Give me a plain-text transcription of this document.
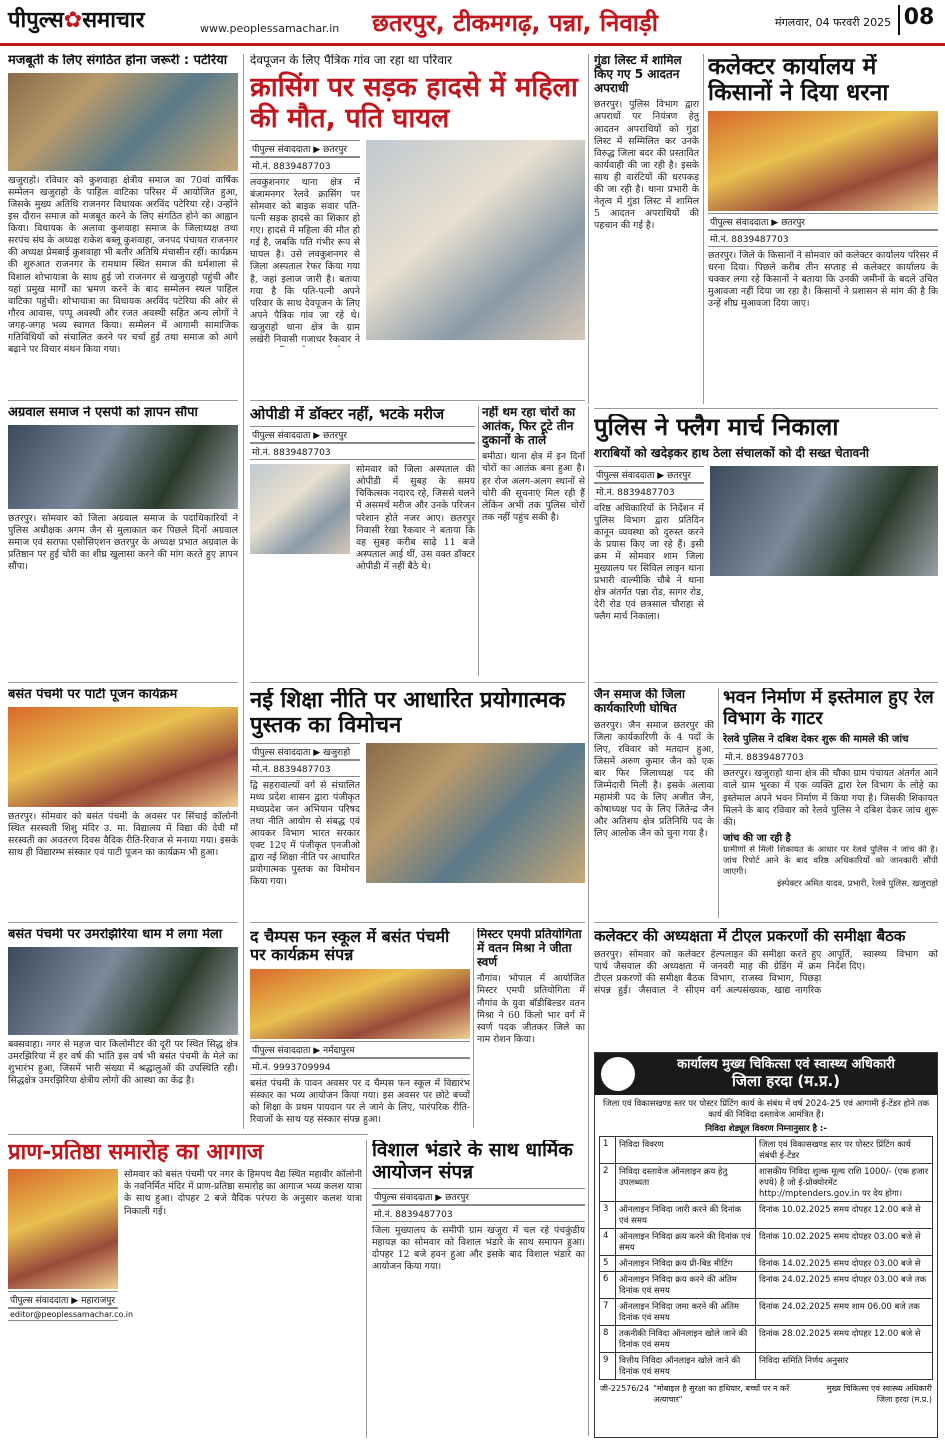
पीपुल्स✿समाचार	www.peoplessamachar.in	छतरपुर, टीकमगढ़, पन्ना, निवाड़ी	मंगलवार, 04 फरवरी 2025 08
मजबूती के लिए संगठित होना जरूरी : पटेरिया
खजुराहो। रविवार को कुशवाहा क्षेत्रीय समाज का 70वां वार्षिक सम्मेलन खजुराहो के पाहिल वाटिका परिसर में आयोजित हुआ, जिसके मुख्य अतिथि राजनगर विधायक अरविंद पटेरिया रहे। उन्होंने इस दौरान समाज को मजबूत करने के लिए संगठित होने का आह्वान किया। विधायक के अलावा कुशवाहा समाज के जिलाध्यक्ष तथा सरपंच संघ के अध्यक्ष राकेश बब्लू कुशवाहा, जनपद पंचायत राजनगर की अध्यक्ष प्रेमबाई कुशवाहा भी बतौर अतिथि मंचासीन रहीं। कार्यक्रम की शुरुआत राजनगर के रामधाम स्थित समाज की धर्मशाला से विशाल शोभायात्रा के साथ हुई जो राजनगर से खजुराहो पहुंची और यहां प्रमुख मार्गों का भ्रमण करने के बाद सम्मेलन स्थल पाहिल वाटिका पहुंची। शोभायात्रा का विधायक अरविंद पटेरिया की ओर से गौरव आवास, पप्पू अवस्थी और रजत अवस्थी सहित अन्य लोगों ने जगह-जगह भव्य स्वागत किया। सम्मेलन में आगामी सामाजिक गतिविधियों को संचालित करने पर चर्चा हुई तथा समाज को आगे बढ़ाने पर विचार मंथन किया गया।
अग्रवाल समाज ने एसपी को ज्ञापन सौंपा
छतरपुर। सोमवार को जिला अग्रवाल समाज के पदाधिकारियों ने पुलिस अधीक्षक अगम जैन से मुलाकात कर पिछले दिनों अग्रवाल समाज एवं सराफा एसोसिएशन छतरपुर के अध्यक्ष प्रभात अग्रवाल के प्रतिष्ठान पर हुई चोरी का शीघ्र खुलासा करने की मांग करते हुए ज्ञापन सौंपा।
बसंत पंचमी पर पाटी पूजन कार्यक्रम
छतरपुर। सोमवार को बसंत पंचमी के अवसर पर सिंचाई कॉलोनी स्थित सरस्वती शिशु मंदिर उ. मा. विद्यालय में विद्या की देवी माँ सरस्वती का अवतरण दिवस वैदिक रीति-रिवाज से मनाया गया। इसके साथ ही विद्यारम्भ संस्कार एवं पाटी पूजन का कार्यक्रम भी हुआ।
बसंत पंचमी पर उमरझिरिया धाम में लगा मेला
बक्सवाहा। नगर से महज चार किलोमीटर की दूरी पर स्थित सिद्ध क्षेत्र उमरझिरिया में हर वर्ष की भांति इस वर्ष भी बसंत पंचमी के मेले का शुभारंभ हुआ, जिसमें भारी संख्या में श्रद्धालुओं की उपस्थिति रही। सिद्धक्षेत्र उमरझिरिया क्षेत्रीय लोगों की आस्था का केंद्र है।
प्राण-प्रतिष्ठा समारोह का आगाज
पीपुल्स संवाददाता ▶ महाराजपुर
editor@peoplessamachar.co.in
सोमवार को बसंत पंचमी पर नगर के हिमपथ वैद्य स्थित महावीर कॉलोनी के नवनिर्मित मंदिर में प्राण-प्रतिष्ठा समारोह का आगाज भव्य कलश यात्रा के साथ हुआ। दोपहर 2 बजे वैदिक परंपरा के अनुसार कलश यात्रा निकाली गई।
देवपूजन के लिए पैत्रिक गांव जा रहा था परिवार
क्रासिंग पर सड़क हादसे में महिला की मौत, पति घायल
पीपुल्स संवाददाता ▶ छतरपुर
मो.नं. 8839487703
लवकुशनगर थाना क्षेत्र में बंजामनगर रेलवे क्रासिंग पर सोमवार को बाइक सवार पति-पत्नी सड़क हादसे का शिकार हो गए। हादसे में महिला की मौत हो गई है, जबकि पति गंभीर रूप से घायल है। उसे लवकुशनगर से जिला अस्पताल रेफर किया गया है, जहां इलाज जारी है। बताया गया है कि पति-पत्नी अपने परिवार के साथ देवपूजन के लिए अपने पैत्रिक गांव जा रहे थे। खजुराहो थाना क्षेत्र के ग्राम लखेरी निवासी गजाधर रैकवार ने
गुंडा लिस्ट में शामिल किए गए 5 आदतन अपराधी
छतरपुर। पुलिस विभाग द्वारा अपराधों पर नियंत्रण हेतु आदतन अपराधियों को गुंडा लिस्ट में सम्मिलित कर उनके विरुद्ध जिला बदर की प्रस्तावित कार्यवाही की जा रही है। इसके साथ ही वारंटियों की धरपकड़ की जा रही है। थाना प्रभारी के नेतृत्व में गुंडा लिस्ट में शामिल 5 आदतन अपराधियों की पहचान की गई है।
ओपीडी में डॉक्टर नहीं, भटके मरीज
पीपुल्स संवाददाता ▶ छतरपुर
मो.नं. 8839487703
सोमवार को जिला अस्पताल की ओपीडी में सुबह के समय चिकित्सक नदारद रहे, जिससे चलने में असमर्थ मरीज और उनके परिजन परेशान होते नजर आए। छतरपुर निवासी रेखा रैकवार ने बताया कि वह सुबह करीब साढ़े 11 बजे अस्पताल आई थीं, उस वक्त डॉक्टर ओपीडी में नहीं बैठे थे।
नहीं थम रहा चोरों का आतंक, फिर टूटे तीन दुकानों के ताले
बमीठा। थाना क्षेत्र में इन दिनों चोरों का आतंक बना हुआ है। हर रोज अलग-अलग स्थानों से चोरी की सूचनाएं मिल रही हैं लेकिन अभी तक पुलिस चोरों तक नहीं पहुंच सकी है।
नई शिक्षा नीति पर आधारित प्रयोगात्मक पुस्तक का विमोचन
पीपुल्स संवाददाता ▶ खजुराहो
मो.नं. 8839487703
द्वि सहरावाल्यों वर्ग से संचालित मध्य प्रदेश शासन द्वारा पंजीकृत मध्यप्रदेश जन अभियान परिषद तथा नीति आयोग से संबद्ध एवं आयकर विभाग भारत सरकार एक्ट 12ए में पंजीकृत एनजीओ द्वारा नई शिक्षा नीति पर आधारित प्रयोगात्मक पुस्तक का विमोचन किया गया।
द चैम्पस फन स्कूल में बसंत पंचमी पर कार्यक्रम संपन्न
पीपुल्स संवाददाता ▶ नर्मदापुरम
मो.नं. 9993709994
बसंत पंचमी के पावन अवसर पर द चैम्पस फन स्कूल में विद्यारंभ संस्कार का भव्य आयोजन किया गया। इस अवसर पर छोटे बच्चों को शिक्षा के प्रथम पायदान पर ले जाने के लिए, पारंपरिक रीति-रिवाजों के साथ यह संस्कार संपन्न हुआ।
मिस्टर एमपी प्रतियोगिता में वतन मिश्रा ने जीता स्वर्ण
नौगांव। भोपाल में आयोजित मिस्टर एमपी प्रतियोगिता में नौगांव के युवा बॉडीबिल्डर वतन मिश्रा ने 60 किलो भार वर्ग में स्वर्ण पदक जीतकर जिले का नाम रोशन किया।
विशाल भंडारे के साथ धार्मिक आयोजन संपन्न
पीपुल्स संवाददाता ▶ छतरपुर
मो.नं. 8839487703
जिला मुख्यालय के समीपी ग्राम खजुरा में चल रहे पंचकुंडीय महायज्ञ का सोमवार को विशाल भंडारे के साथ समापन हुआ। दोपहर 12 बजे हवन हुआ और इसके बाद विशाल भंडारे का आयोजन किया गया।
कलेक्टर कार्यालय में किसानों ने दिया धरना
पीपुल्स संवाददाता ▶ छतरपुर
मो.नं. 8839487703
छतरपुर। जिले के किसानों ने सोमवार को कलेक्टर कार्यालय परिसर में धरना दिया। पिछले करीब तीन सप्ताह से कलेक्टर कार्यालय के चक्कर लगा रहे किसानों ने बताया कि उनकी जमीनों के बदले उचित मुआवजा नहीं दिया जा रहा है। किसानों ने प्रशासन से मांग की है कि उन्हें शीघ्र मुआवजा दिया जाए।
पुलिस ने फ्लैग मार्च निकाला
शराबियों को खदेड़कर हाथ ठेला संचालकों को दी सख्त चेतावनी
पीपुल्स संवाददाता ▶ छतरपुर
मो.नं. 8839487703
वरिष्ठ अधिकारियों के निर्देशन में पुलिस विभाग द्वारा प्रतिदिन कानून व्यवस्था को दुरुस्त करने के प्रयास किए जा रहे हैं। इसी क्रम में सोमवार शाम जिला मुख्यालय पर सिविल लाइन थाना प्रभारी वाल्मीकि चौबे ने थाना क्षेत्र अंतर्गत पन्ना रोड, सागर रोड, देरी रोड एवं छत्रसाल चौराहा से फ्लैग मार्च निकाला।
जैन समाज की जिला कार्यकारिणी घोषित
छतरपुर। जैन समाज छतरपुर की जिला कार्यकारिणी के 4 पदों के लिए, रविवार को मतदान हुआ, जिसमें अरुण कुमार जैन को एक बार फिर जिलाध्यक्ष पद की जिम्मेदारी मिली है। इसके अलावा महामंत्री पद के लिए अजीत जैन, कोषाध्यक्ष पद के लिए जितेन्द्र जैन और अतिशय क्षेत्र प्रतिनिधि पद के लिए आलोक जैन को चुना गया है।
भवन निर्माण में इस्तेमाल हुए रेल विभाग के गाटर
रेलवे पुलिस ने दबिश देकर शुरू की मामले की जांच
मो.नं. 8839487703
छतरपुर। खजुराहो थाना क्षेत्र की चौका ग्राम पंचायत अंतर्गत आने वाले ग्राम भुरका में एक व्यक्ति द्वारा रेल विभाग के लोहे का इस्तेमाल अपने भवन निर्माण में किया गया है। जिसकी शिकायत मिलने के बाद रविवार को रेलवे पुलिस ने दबिश देकर जांच शुरू की।
जांच की जा रही है
ग्रामीणों से मिली शिकायत के आधार पर रेलवे पुलिस ने जांच की है। जांच रिपोर्ट आने के बाद वरिष्ठ अधिकारियों को जानकारी सौंपी जाएगी।
इंस्पेक्टर अमित यादव, प्रभारी, रेलवे पुलिस, खजुराहो
कलेक्टर की अध्यक्षता में टीएल प्रकरणों की समीक्षा बैठक
छतरपुर। सोमवार को कलेक्टर पार्थ जैसवाल की अध्यक्षता में टीएल प्रकरणों की समीक्षा बैठक संपन्न हुई। जैसवाल ने सीएम हेल्पलाइन की समीक्षा करते हुए जनवरी माह की ग्रेडिंग में क्रम विभाग, राजस्व विभाग, पिछड़ा वर्ग अल्पसंख्यक, खाद्य नागरिक आपूर्ति, स्वास्थ्य विभाग को निर्देश दिए।
कार्यालय मुख्य चिकित्सा एवं स्वास्थ्य अधिकारी
जिला हरदा (म.प्र.)
जिला एवं विकासखण्ड स्तर पर पोस्टर प्रिंटिंग कार्य के संबंध में वर्ष 2024-25 एवं आगामी ई-टेंडर होने तक कार्य की निविदा दस्तावेज आमंत्रित हैं।
निविदा शेड्यूल विवरण निम्नानुसार है :-
1	निविदा विवरण	जिला एवं विकासखण्ड स्तर पर पोस्टर प्रिंटिंग कार्य संबंधी ई-टेंडर
2	निविदा दस्तावेज ऑनलाइन क्रय हेतु उपलब्धता	शासकीय निविदा शुल्क मूल्य राशि 1000/- (एक हजार रुपये) है जो ई-प्रोक्योरमेंट http://mptenders.gov.in पर देय होगा।
3	ऑनलाइन निविदा जारी करने की दिनांक एवं समय	दिनांक 10.02.2025 समय दोपहर 12.00 बजे से
4	ऑनलाइन निविदा क्रय करने की दिनांक एवं समय	दिनांक 10.02.2025 समय दोपहर 03.00 बजे से
5	ऑनलाइन निविदा क्रय प्री-बिड मीटिंग	दिनांक 14.02.2025 समय दोपहर 03.00 बजे से
6	ऑनलाइन निविदा क्रय करने की अंतिम दिनांक एवं समय	दिनांक 24.02.2025 समय दोपहर 03.00 बजे तक
7	ऑनलाइन निविदा जमा करने की अंतिम दिनांक एवं समय	दिनांक 24.02.2025 समय शाम 06.00 बजे तक
8	तकनीकी निविदा ऑनलाइन खोले जाने की दिनांक एवं समय	दिनांक 28.02.2025 समय दोपहर 12.00 बजे से
9	वित्तीय निविदा ऑनलाइन खोले जाने की दिनांक एवं समय	निविदा समिति निर्णय अनुसार
जी-22576/24 "मोबाइल है सुरक्षा का हथियार, बच्चों पर न करें अत्याचार"
मुख्य चिकित्सा एवं स्वास्थ्य अधिकारी जिला हरदा (म.प्र.)
